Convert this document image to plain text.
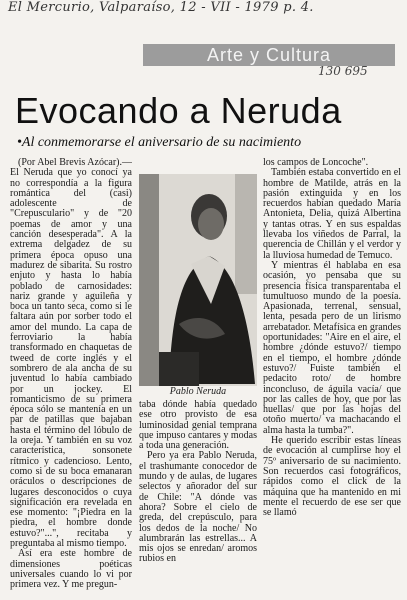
El Mercurio, Valparaíso, 12 - VII - 1979 p. 4.
Arte y Cultura
130 695
Evocando a Neruda
•Al conmemorarse el aniversario de su nacimiento

(Por Abel Brevis Azócar).— El Neruda que yo conocí ya no correspondía a la figura romántica del (casi) adolescente de "Crepusculario" y de "20 poemas de amor y una canción desesperada". A la extrema delgadez de su primera época opuso una madurez de sibarita. Su rostro enjuto y hasta lo había poblado de carnosidades: nariz grande y aguileña y boca un tanto seca, como si le faltara aún por sorber todo el amor del mundo. La capa de ferroviario la había transformado en chaquetas de tweed de corte inglés y el sombrero de ala ancha de su juventud lo había cambiado por un jockey. El romanticismo de su primera época sólo se mantenía en un par de patillas que bajaban hasta el término del lóbulo de la oreja. Y también en su voz característica, sonsonete rítmico y cadencioso. Lento, como si de su boca emanaran oráculos o descripciones de lugares desconocidos o cuya significación era revelada en ese momento: "¡Piedra en la piedra, el hombre donde estuvo?"...", recitaba y preguntaba al mismo tiempo.

Así era este hombre de dimensiones poéticas universales cuando lo vi por primera vez. Y me pregun-

Pablo Neruda

taba dónde había quedado ese otro provisto de esa luminosidad genial temprana que impuso cantares y modas a toda una generación.

Pero ya era Pablo Neruda, el trashumante conocedor de mundo y de aulas, de lugares selectos y añorador del sur de Chile: "A dónde vas ahora? Sobre el cielo de greda, del crepúsculo, para los dedos de la noche/ No alumbrarán las estrellas... A mis ojos se enredan/ aromos rubios en

los campos de Loncoche".

También estaba convertido en el hombre de Matilde, atrás en la pasión extinguida y en los recuerdos habían quedado María Antonieta, Delia, quizá Albertina y tantas otras. Y en sus espaldas llevaba los viñedos de Parral, la querencia de Chillán y el verdor y la lluviosa humedad de Temuco.

Y mientras él hablaba en esa ocasión, yo pensaba que su presencia física transparentaba el tumultuoso mundo de la poesía. Apasionada, terrenal, sensual, lenta, pesada pero de un lirismo arrebatador. Metafísica en grandes oportunidades: "Aire en el aire, el hombre ¿dónde estuvo?/ tiempo en el tiempo, el hombre ¿dónde estuvo?/ Fuiste también el pedacito roto/ de hombre inconcluso, de águila vacía/ que por las calles de hoy, que por las huellas/ que por las hojas del otoño muerto/ va machacando el alma hasta la tumba?".

He querido escribir estas líneas de evocación al cumplirse hoy el 75º aniversario de su nacimiento. Son recuerdos casi fotográficos, rápidos como el click de la máquina que ha mantenido en mi mente el recuerdo de ese ser que se llamó
